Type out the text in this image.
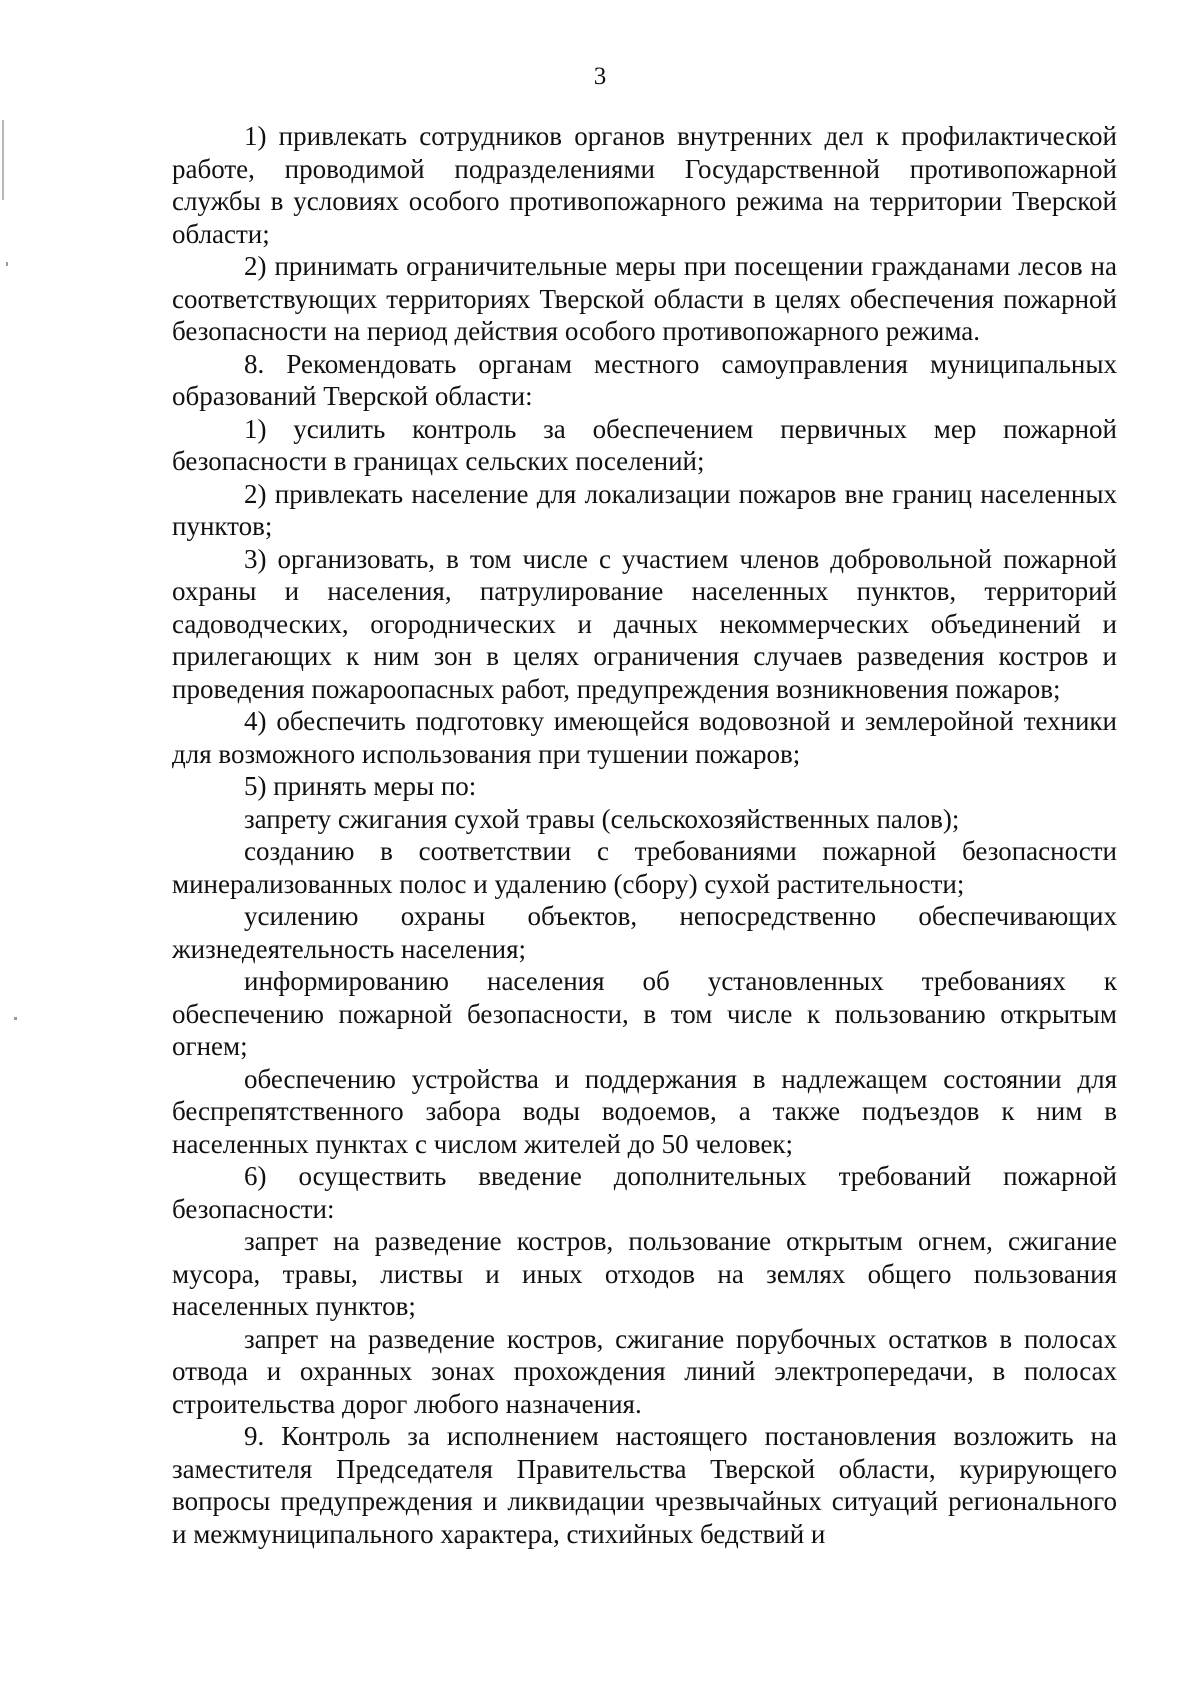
3

1) привлекать сотрудников органов внутренних дел к профилактической работе, проводимой подразделениями Государственной противопожарной службы в условиях особого противопожарного режима на территории Тверской области;

2) принимать ограничительные меры при посещении гражданами лесов на соответствующих территориях Тверской области в целях обеспечения пожарной безопасности на период действия особого противопожарного режима.

8. Рекомендовать органам местного самоуправления муниципальных образований Тверской области:

1) усилить контроль за обеспечением первичных мер пожарной безопасности в границах сельских поселений;

2) привлекать население для локализации пожаров вне границ населенных пунктов;

3) организовать, в том числе с участием членов добровольной пожарной охраны и населения, патрулирование населенных пунктов, территорий садоводческих, огороднических и дачных некоммерческих объединений и прилегающих к ним зон в целях ограничения случаев разведения костров и проведения пожароопасных работ, предупреждения возникновения пожаров;

4) обеспечить подготовку имеющейся водовозной и землеройной техники для возможного использования при тушении пожаров;

5) принять меры по:

запрету сжигания сухой травы (сельскохозяйственных палов);

созданию в соответствии с требованиями пожарной безопасности минерализованных полос и удалению (сбору) сухой растительности;

усилению охраны объектов, непосредственно обеспечивающих жизнедеятельность населения;

информированию населения об установленных требованиях к обеспечению пожарной безопасности, в том числе к пользованию открытым огнем;

обеспечению устройства и поддержания в надлежащем состоянии для беспрепятственного забора воды водоемов, а также подъездов к ним в населенных пунктах с числом жителей до 50 человек;

6) осуществить введение дополнительных требований пожарной безопасности:

запрет на разведение костров, пользование открытым огнем, сжигание мусора, травы, листвы и иных отходов на землях общего пользования населенных пунктов;

запрет на разведение костров, сжигание порубочных остатков в полосах отвода и охранных зонах прохождения линий электропередачи, в полосах строительства дорог любого назначения.

9. Контроль за исполнением настоящего постановления возложить на заместителя Председателя Правительства Тверской области, курирующего вопросы предупреждения и ликвидации чрезвычайных ситуаций регионального и межмуниципального характера, стихийных бедствий и
